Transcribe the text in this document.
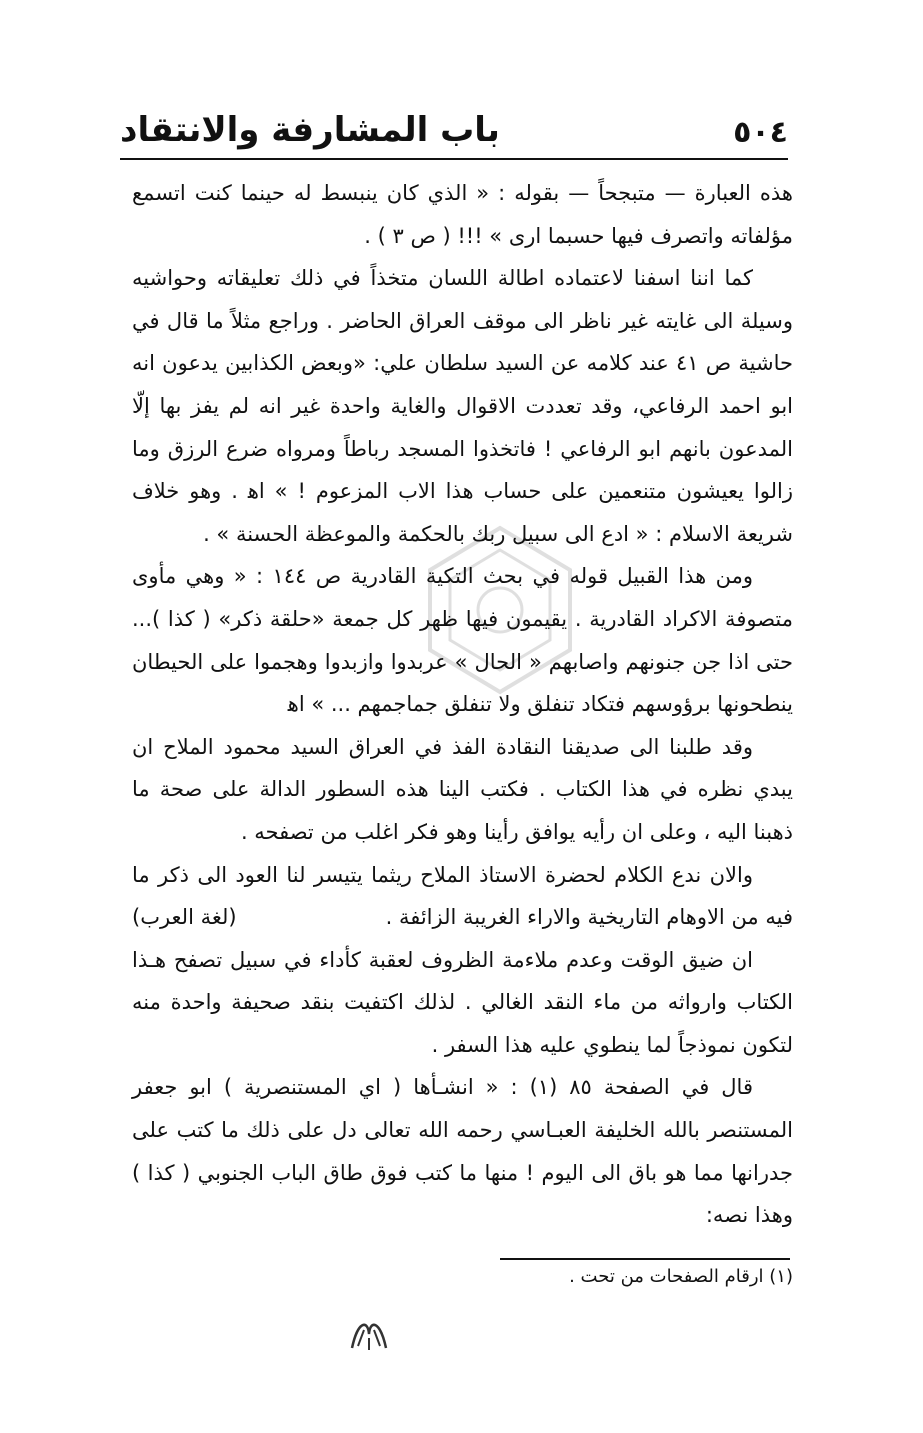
باب المشارفة والانتقاد	٥٠٤

هذه العبارة — متبجحاً — بقوله : « الذي كان ينبسط له حينما كنت اتسمع مؤلفاته واتصرف فيها حسبما ارى » !!! ( ص ٣ ) .

كما اننا اسفنا لاعتماده اطالة اللسان متخذاً في ذلك تعليقاته وحواشيه وسيلة الى غايته غير ناظر الى موقف العراق الحاضر . وراجع مثلاً ما قال في حاشية ص ٤١ عند كلامه عن السيد سلطان علي: «وبعض الكذابين يدعون انه ابو احمد الرفاعي، وقد تعددت الاقوال والغاية واحدة غير انه لم يفز بها إلّا المدعون بانهم ابو الرفاعي ! فاتخذوا المسجد رباطاً ومرواه ضرع الرزق وما زالوا يعيشون متنعمين على حساب هذا الاب المزعوم ! » اﻫ . وهو خلاف شريعة الاسلام : « ادع الى سبيل ربك بالحكمة والموعظة الحسنة » .

ومن هذا القبيل قوله في بحث التكية القادرية ص ١٤٤ : « وهي مأوى متصوفة الاكراد القادرية . يقيمون فيها ظهر كل جمعة «حلقة ذكر» ( كذا )... حتى اذا جن جنونهم واصابهم « الحال » عربدوا وازبدوا وهجموا على الحيطان ينطحونها برؤوسهم فتكاد تنفلق ولا تنفلق جماجمهم ... » اﻫ

وقد طلبنا الى صديقنا النقادة الفذ في العراق السيد محمود الملاح ان يبدي نظره في هذا الكتاب . فكتب الينا هذه السطور الدالة على صحة ما ذهبنا اليه ، وعلى ان رأيه يوافق رأينا وهو فكر اغلب من تصفحه .

والان ندع الكلام لحضرة الاستاذ الملاح ريثما يتيسر لنا العود الى ذكر ما فيه من الاوهام التاريخية والاراء الغريبة الزائفة .
(لغة العرب)

ان ضيق الوقت وعدم ملاءمة الظروف لعقبة كأداء في سبيل تصفح هـذا الكتاب وارواثه من ماء النقد الغالي . لذلك اكتفيت بنقد صحيفة واحدة منه لتكون نموذجاً لما ينطوي عليه هذا السفر .

قال في الصفحة ٨٥ (١) : « انشـأها ( اي المستنصرية ) ابو جعفر المستنصر بالله الخليفة العبـاسي رحمه الله تعالى دل على ذلك ما كتب على جدرانها مما هو باق الى اليوم ! منها ما كتب فوق طاق الباب الجنوبي ( كذا ) وهذا نصه:

(١) ارقام الصفحات من تحت .
